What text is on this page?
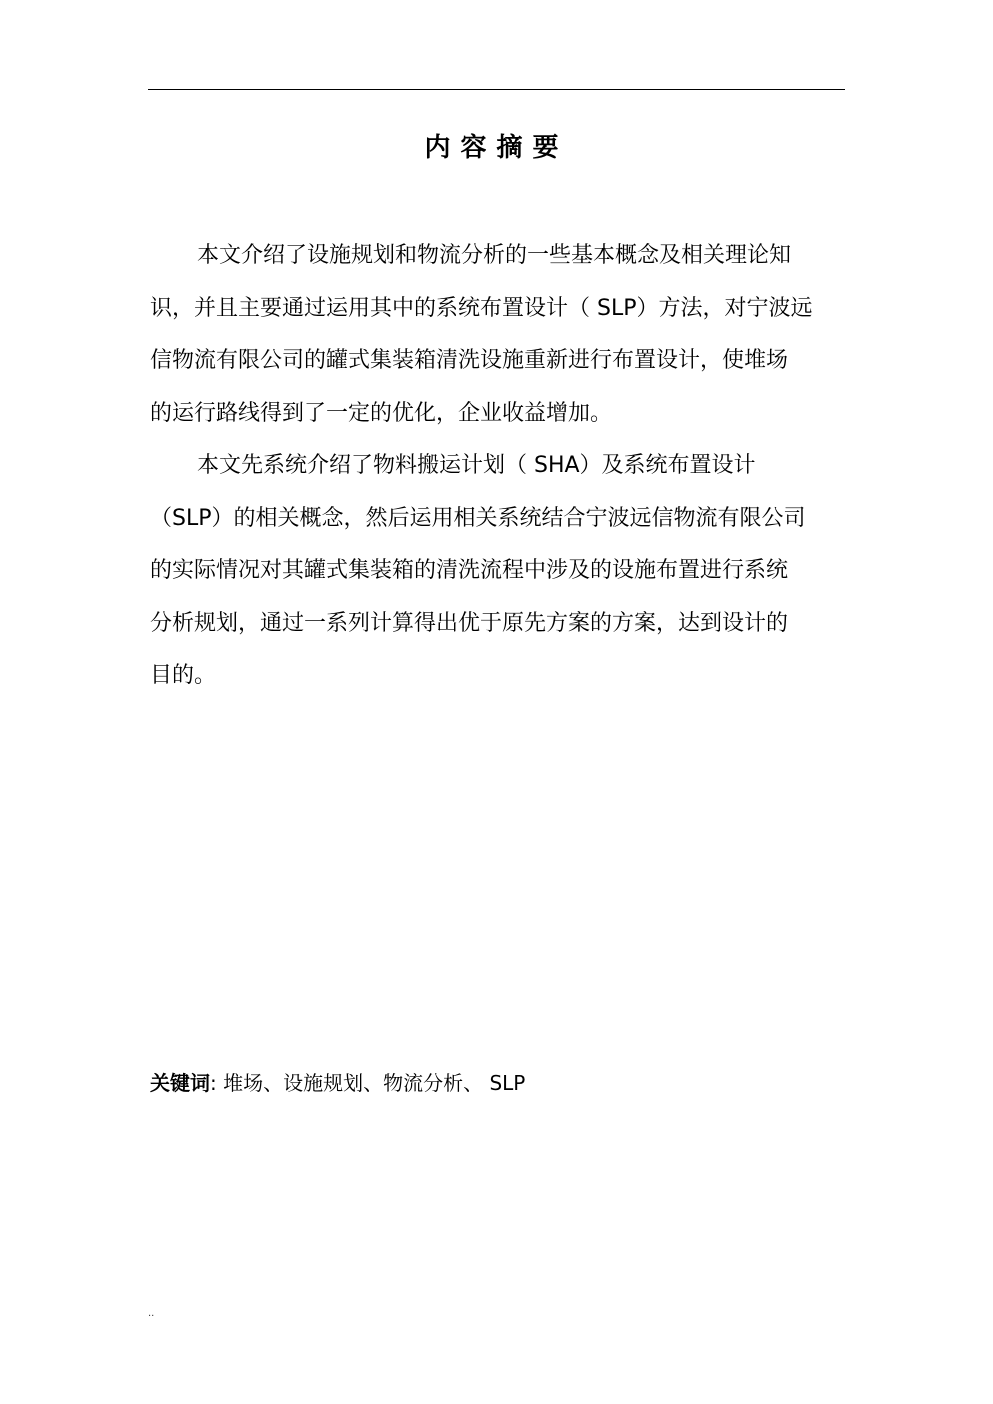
内容摘要

本文介绍了设施规划和物流分析的一些基本概念及相关理论知
识，并且主要通过运用其中的系统布置设计（ SLP）方法，对宁波远
信物流有限公司的罐式集装箱清洗设施重新进行布置设计，使堆场
的运行路线得到了一定的优化，企业收益增加。

本文先系统介绍了物料搬运计划（ SHA）及系统布置设计
（SLP）的相关概念，然后运用相关系统结合宁波远信物流有限公司
的实际情况对其罐式集装箱的清洗流程中涉及的设施布置进行系统
分析规划，通过一系列计算得出优于原先方案的方案，达到设计的
目的。

关键词: 堆场、设施规划、物流分析、 SLP
..
